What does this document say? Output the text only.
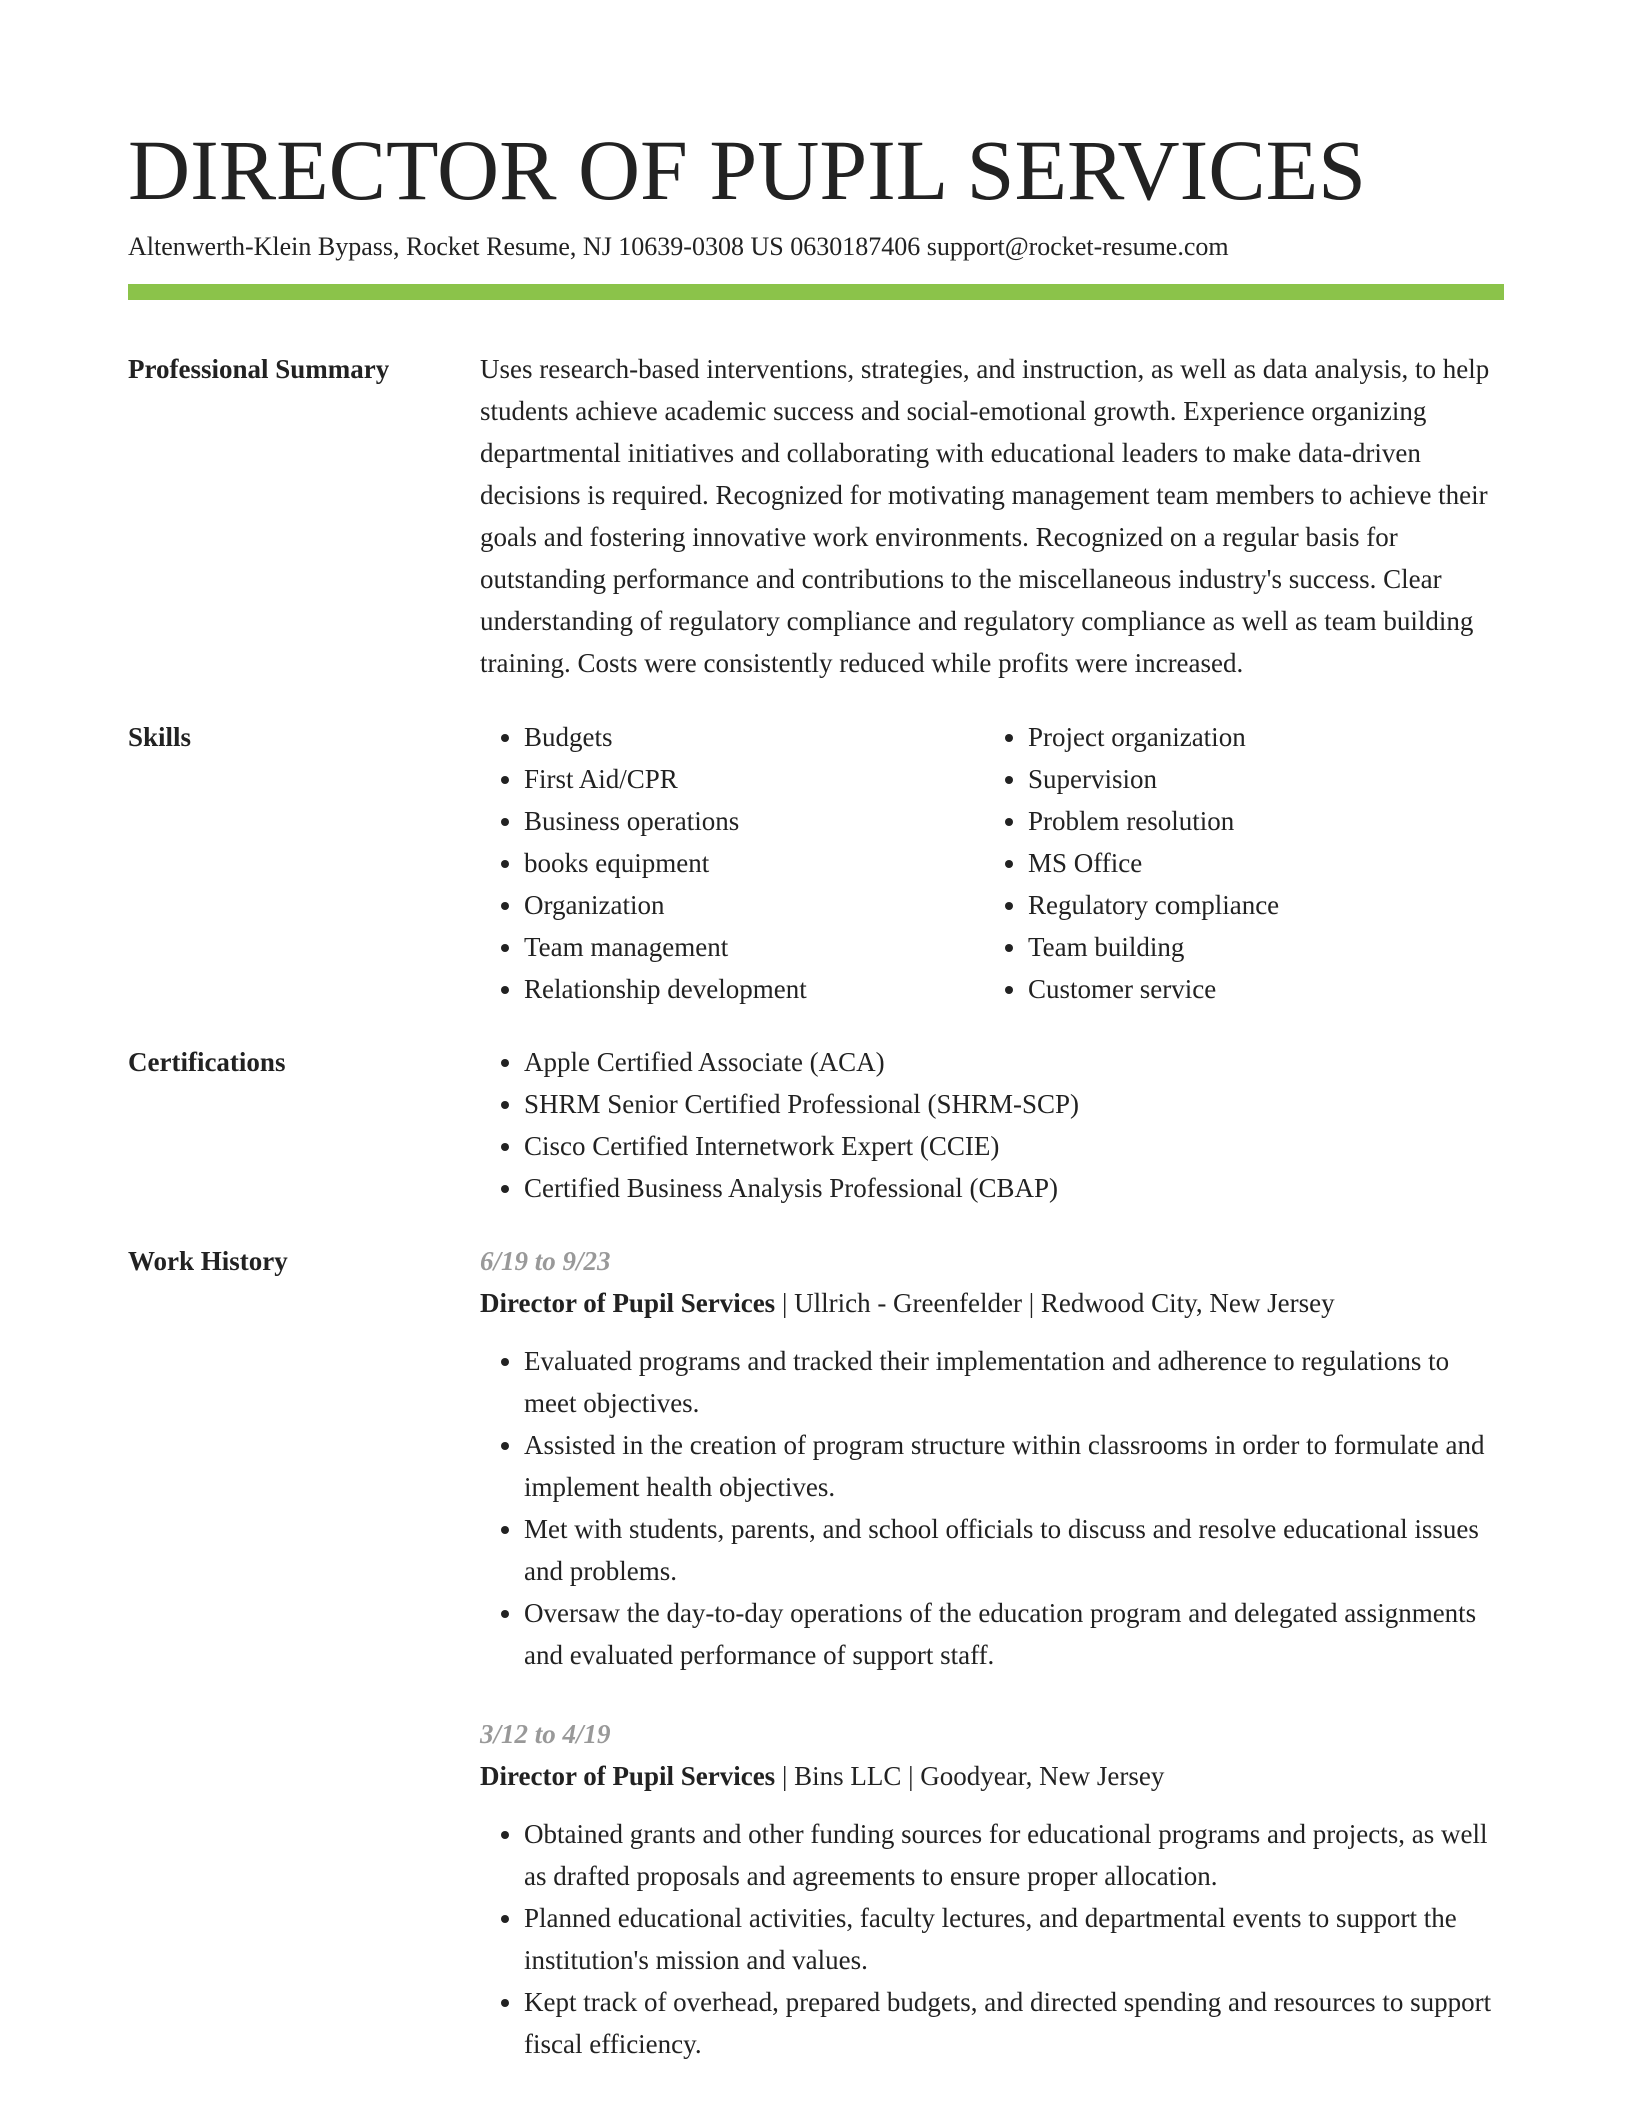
DIRECTOR OF PUPIL SERVICES
Altenwerth-Klein Bypass, Rocket Resume, NJ 10639-0308 US 0630187406 support@rocket-resume.com
Professional Summary	Uses research-based interventions, strategies, and instruction, as well as data analysis, to help students achieve academic success and social-emotional growth. Experience organizing departmental initiatives and collaborating with educational leaders to make data-driven decisions is required. Recognized for motivating management team members to achieve their goals and fostering innovative work environments. Recognized on a regular basis for outstanding performance and contributions to the miscellaneous industry's success. Clear understanding of regulatory compliance and regulatory compliance as well as team building training. Costs were consistently reduced while profits were increased.

Skills	• Budgets
• First Aid/CPR
• Business operations
• books equipment
• Organization
• Team management
• Relationship development
• Project organization
• Supervision
• Problem resolution
• MS Office
• Regulatory compliance
• Team building
• Customer service
Certifications	• Apple Certified Associate (ACA)
• SHRM Senior Certified Professional (SHRM-SCP)
• Cisco Certified Internetwork Expert (CCIE)
• Certified Business Analysis Professional (CBAP)
Work History	6/19 to 9/23
Director of Pupil Services | Ullrich - Greenfelder | Redwood City, New Jersey
• Evaluated programs and tracked their implementation and adherence to regulations to meet objectives.
• Assisted in the creation of program structure within classrooms in order to formulate and implement health objectives.
• Met with students, parents, and school officials to discuss and resolve educational issues and problems.
• Oversaw the day-to-day operations of the education program and delegated assignments and evaluated performance of support staff.
3/12 to 4/19
Director of Pupil Services | Bins LLC | Goodyear, New Jersey
• Obtained grants and other funding sources for educational programs and projects, as well as drafted proposals and agreements to ensure proper allocation.
• Planned educational activities, faculty lectures, and departmental events to support the institution's mission and values.
• Kept track of overhead, prepared budgets, and directed spending and resources to support fiscal efficiency.
